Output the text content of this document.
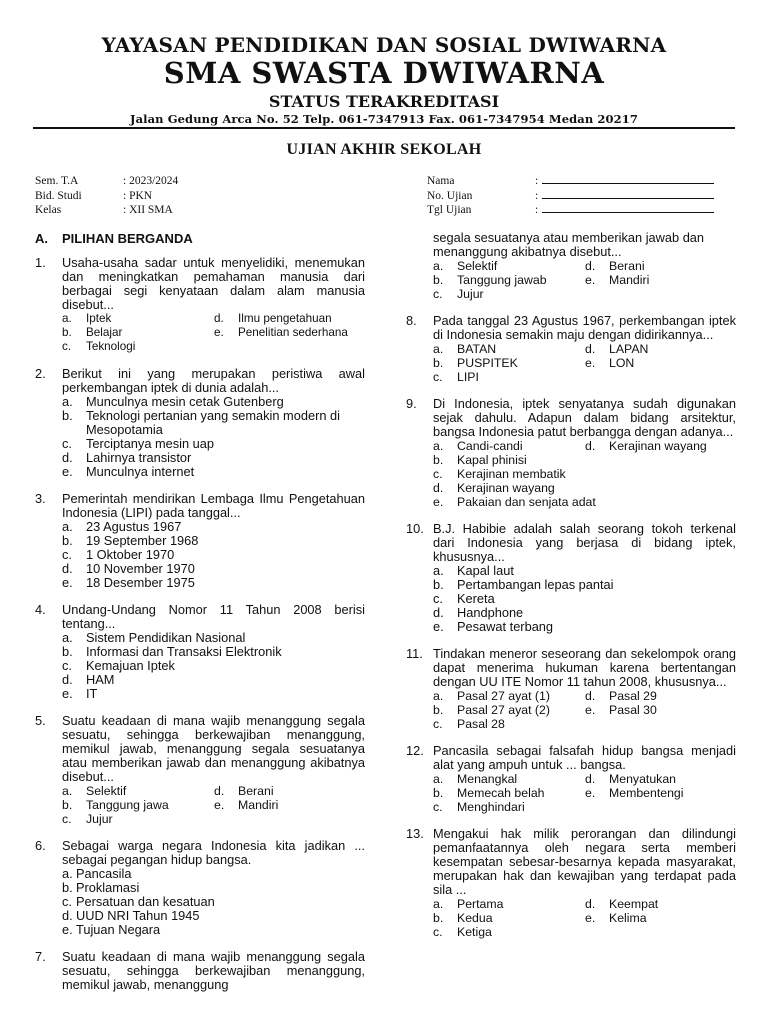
YAYASAN PENDIDIKAN DAN SOSIAL DWIWARNA
SMA SWASTA DWIWARNA
STATUS TERAKREDITASI
Jalan Gedung Arca No. 52 Telp. 061-7347913 Fax. 061-7347954 Medan 20217
UJIAN AKHIR SEKOLAH
Sem. T.A	: 2023/2024
Bid. Studi	: PKN
Kelas	: XII SMA
Nama	:
No. Ujian	:
Tgl Ujian	:
A. PILIHAN BERGANDA
1. Usaha-usaha sadar untuk menyelidiki, menemukan dan meningkatkan pemahaman manusia dari berbagai segi kenyataan dalam alam manusia disebut...
a. Iptek	d. Ilmu pengetahuan
b. Belajar	e. Penelitian sederhana
c. Teknologi
2. Berikut ini yang merupakan peristiwa awal perkembangan iptek di dunia adalah...
a. Munculnya mesin cetak Gutenberg
b. Teknologi pertanian yang semakin modern di Mesopotamia
c. Terciptanya mesin uap
d. Lahirnya transistor
e. Munculnya internet
3. Pemerintah mendirikan Lembaga Ilmu Pengetahuan Indonesia (LIPI) pada tanggal...
a. 23 Agustus 1967
b. 19 September 1968
c. 1 Oktober 1970
d. 10 November 1970
e. 18 Desember 1975
4. Undang-Undang Nomor 11 Tahun 2008 berisi tentang...
a. Sistem Pendidikan Nasional
b. Informasi dan Transaksi Elektronik
c. Kemajuan Iptek
d. HAM
e. IT
5. Suatu keadaan di mana wajib menanggung segala sesuatu, sehingga berkewajiban menanggung, memikul jawab, menanggung segala sesuatanya atau memberikan jawab dan menanggung akibatnya disebut...
a. Selektif	d. Berani
b. Tanggung jawa	e. Mandiri
c. Jujur
6. Sebagai warga negara Indonesia kita jadikan ... sebagai pegangan hidup bangsa.
a. Pancasila
b. Proklamasi
c. Persatuan dan kesatuan
d. UUD NRI Tahun 1945
e. Tujuan Negara
7. Suatu keadaan di mana wajib menanggung segala sesuatu, sehingga berkewajiban menanggung, memikul jawab, menanggung
segala sesuatanya atau memberikan jawab dan menanggung akibatnya disebut...
a. Selektif	d. Berani
b. Tanggung jawab	e. Mandiri
c. Jujur
8. Pada tanggal 23 Agustus 1967, perkembangan iptek di Indonesia semakin maju dengan didirikannya...
a. BATAN	d. LAPAN
b. PUSPITEK	e. LON
c. LIPI
9. Di Indonesia, iptek senyatanya sudah digunakan sejak dahulu. Adapun dalam bidang arsitektur, bangsa Indonesia patut berbangga dengan adanya...
a. Candi-candi	d. Kerajinan wayang
b. Kapal phinisi
c. Kerajinan membatik
d. Kerajinan wayang
e. Pakaian dan senjata adat
10. B.J. Habibie adalah salah seorang tokoh terkenal dari Indonesia yang berjasa di bidang iptek, khususnya...
a. Kapal laut
b. Pertambangan lepas pantai
c. Kereta
d. Handphone
e. Pesawat terbang
11. Tindakan meneror seseorang dan sekelompok orang dapat menerima hukuman karena bertentangan dengan UU ITE Nomor 11 tahun 2008, khususnya...
a. Pasal 27 ayat (1)	d. Pasal 29
b. Pasal 27 ayat (2)	e. Pasal 30
c. Pasal 28
12. Pancasila sebagai falsafah hidup bangsa menjadi alat yang ampuh untuk ... bangsa.
a. Menangkal	d. Menyatukan
b. Memecah belah	e. Membentengi
c. Menghindari
13. Mengakui hak milik perorangan dan dilindungi pemanfaatannya oleh negara serta memberi kesempatan sebesar-besarnya kepada masyarakat, merupakan hak dan kewajiban yang terdapat pada sila ...
a. Pertama	d. Keempat
b. Kedua	e. Kelima
c. Ketiga
